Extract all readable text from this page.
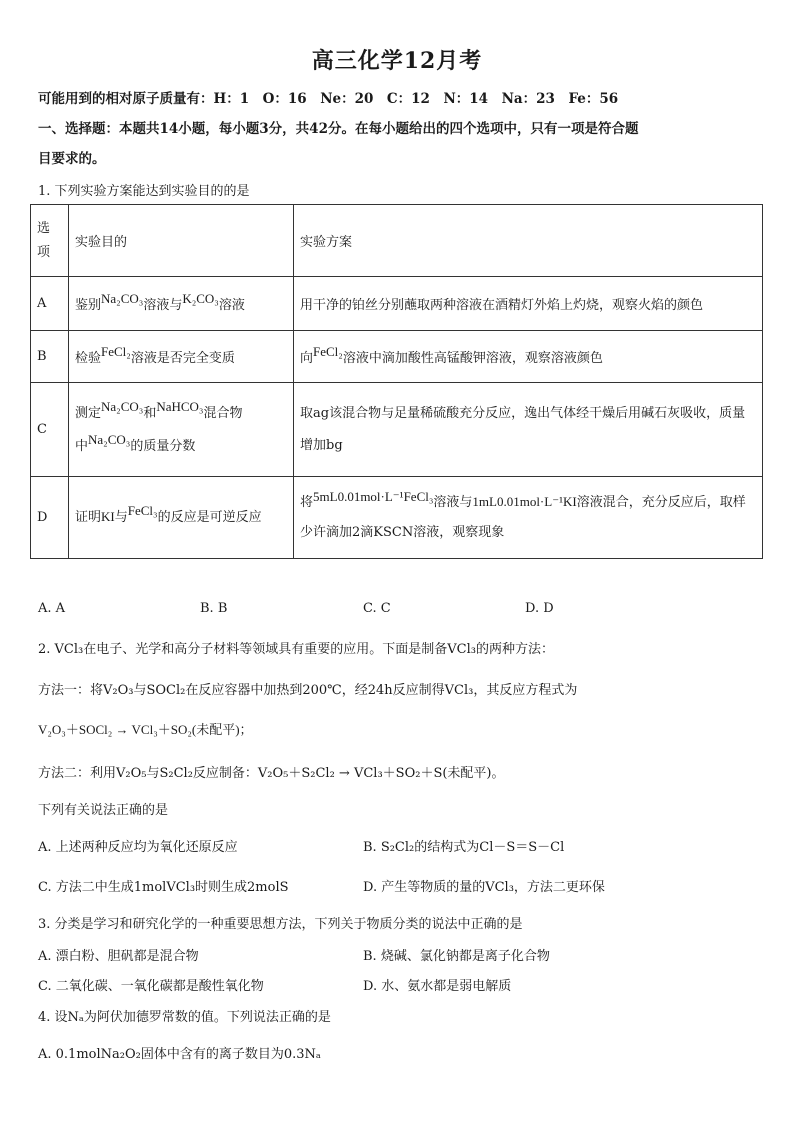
高三化学12月考
可能用到的相对原子质量有：H：1　O：16　Ne：20　C：12　N：14　Na：23　Fe：56
一、选择题：本题共14小题，每小题3分，共42分。在每小题给出的四个选项中，只有一项是符合题
目要求的。
1. 下列实验方案能达到实验目的的是
选项	实验目的	实验方案
A	鉴别Na₂CO₃溶液与K₂CO₃溶液	用干净的铂丝分别蘸取两种溶液在酒精灯外焰上灼烧，观察火焰的颜色
B	检验FeCl₂溶液是否完全变质	向FeCl₂溶液中滴加酸性高锰酸钾溶液，观察溶液颜色
C	测定Na₂CO₃和NaHCO₃混合物
中Na₂CO₃的质量分数	取ag该混合物与足量稀硫酸充分反应，逸出气体经干燥后用碱石灰吸收，质量增加bg
D	证明KI与FeCl₃的反应是可逆反应	将5mL0.01mol·L⁻¹FeCl₃溶液与1mL0.01mol·L⁻¹KI溶液混合，充分反应后，取样少许滴加2滴KSCN溶液，观察现象
A. A	B. B	C. C	D. D
2. VCl₃在电子、光学和高分子材料等领域具有重要的应用。下面是制备VCl₃的两种方法：
方法一：将V₂O₃与SOCl₂在反应容器中加热到200℃，经24h反应制得VCl₃，其反应方程式为
V₂O₃＋SOCl₂ → VCl₃＋SO₂(未配平)；
方法二：利用V₂O₅与S₂Cl₂反应制备：V₂O₅＋S₂Cl₂ → VCl₃＋SO₂＋S(未配平)。
下列有关说法正确的是
A. 上述两种反应均为氧化还原反应	B. S₂Cl₂的结构式为Cl－S＝S－Cl
C. 方法二中生成1molVCl₃时则生成2molS	D. 产生等物质的量的VCl₃，方法二更环保
3. 分类是学习和研究化学的一种重要思想方法，下列关于物质分类的说法中正确的是
A. 漂白粉、胆矾都是混合物	B. 烧碱、氯化钠都是离子化合物
C. 二氧化碳、一氧化碳都是酸性氧化物	D. 水、氨水都是弱电解质
4. 设Nₐ为阿伏加德罗常数的值。下列说法正确的是
A. 0.1molNa₂O₂固体中含有的离子数目为0.3Nₐ
